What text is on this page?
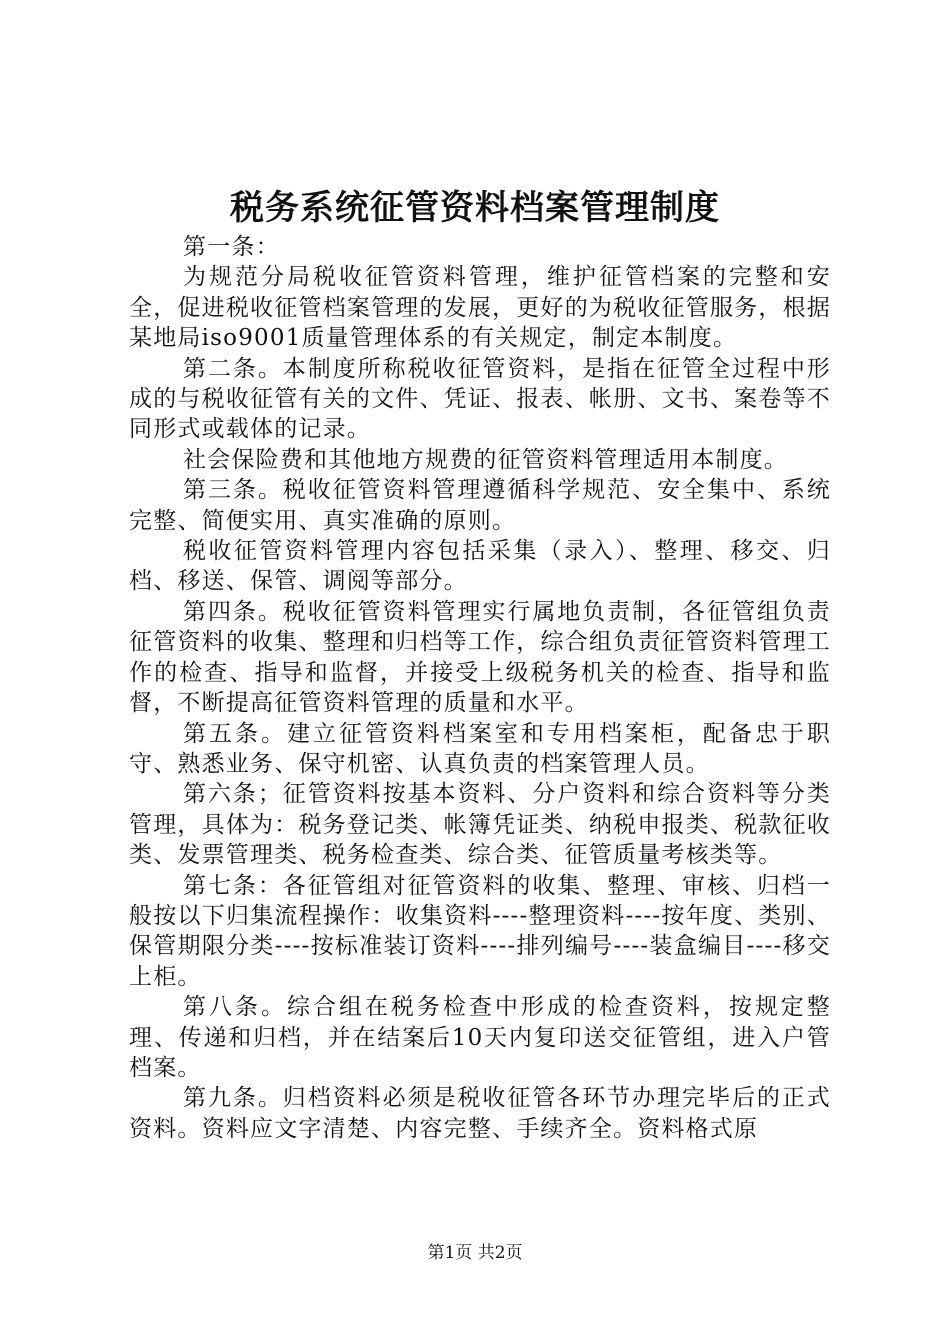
税务系统征管资料档案管理制度

第一条：

为规范分局税收征管资料管理，维护征管档案的完整和安全，促进税收征管档案管理的发展，更好的为税收征管服务，根据某地局iso9001质量管理体系的有关规定，制定本制度。

第二条。本制度所称税收征管资料，是指在征管全过程中形成的与税收征管有关的文件、凭证、报表、帐册、文书、案卷等不同形式或载体的记录。

社会保险费和其他地方规费的征管资料管理适用本制度。

第三条。税收征管资料管理遵循科学规范、安全集中、系统完整、简便实用、真实准确的原则。

税收征管资料管理内容包括采集（录入）、整理、移交、归档、移送、保管、调阅等部分。

第四条。税收征管资料管理实行属地负责制，各征管组负责征管资料的收集、整理和归档等工作，综合组负责征管资料管理工作的检查、指导和监督，并接受上级税务机关的检查、指导和监督，不断提高征管资料管理的质量和水平。

第五条。建立征管资料档案室和专用档案柜，配备忠于职守、熟悉业务、保守机密、认真负责的档案管理人员。

第六条；征管资料按基本资料、分户资料和综合资料等分类管理，具体为：税务登记类、帐簿凭证类、纳税申报类、税款征收类、发票管理类、税务检查类、综合类、征管质量考核类等。

第七条：各征管组对征管资料的收集、整理、审核、归档一般按以下归集流程操作：收集资料----整理资料----按年度、类别、保管期限分类----按标准装订资料----排列编号----装盒编目----移交上柜。

第八条。综合组在税务检查中形成的检查资料，按规定整理、传递和归档，并在结案后10天内复印送交征管组，进入户管档案。

第九条。归档资料必须是税收征管各环节办理完毕后的正式资料。资料应文字清楚、内容完整、手续齐全。资料格式原

第1页 共2页
